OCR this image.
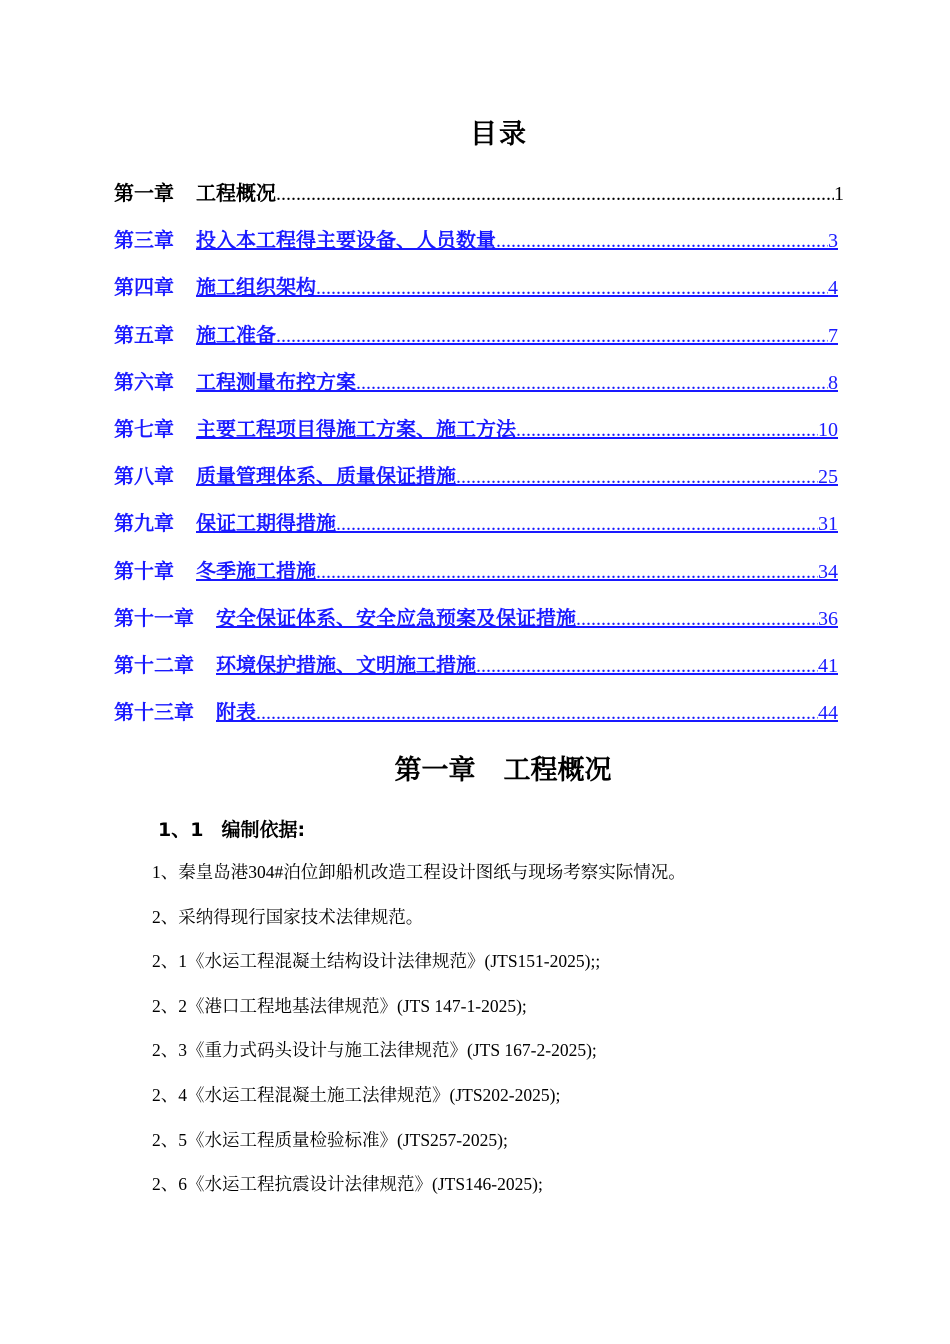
目录
第一章 工程概况 .....	1
第三章 投入本工程得主要设备、人员数量 .....	3
第四章 施工组织架构 .....	4
第五章 施工准备 .....	7
第六章 工程测量布控方案 .....	8
第七章 主要工程项目得施工方案、施工方法 .....	10
第八章 质量管理体系、质量保证措施 .....	25
第九章 保证工期得措施 .....	31
第十章 冬季施工措施 .....	34
第十一章 安全保证体系、安全应急预案及保证措施 .....	36
第十二章 环境保护措施、文明施工措施 .....	41
第十三章 附表 .....	44
第一章 工程概况
1、1 编制依据:
1、秦皇岛港304#泊位卸船机改造工程设计图纸与现场考察实际情况。
2、采纳得现行国家技术法律规范。
2、1《水运工程混凝土结构设计法律规范》(JTS151-2025);;
2、2《港口工程地基法律规范》(JTS 147-1-2025);
2、3《重力式码头设计与施工法律规范》(JTS 167-2-2025);
2、4《水运工程混凝土施工法律规范》(JTS202-2025);
2、5《水运工程质量检验标准》(JTS257-2025);
2、6《水运工程抗震设计法律规范》(JTS146-2025);
